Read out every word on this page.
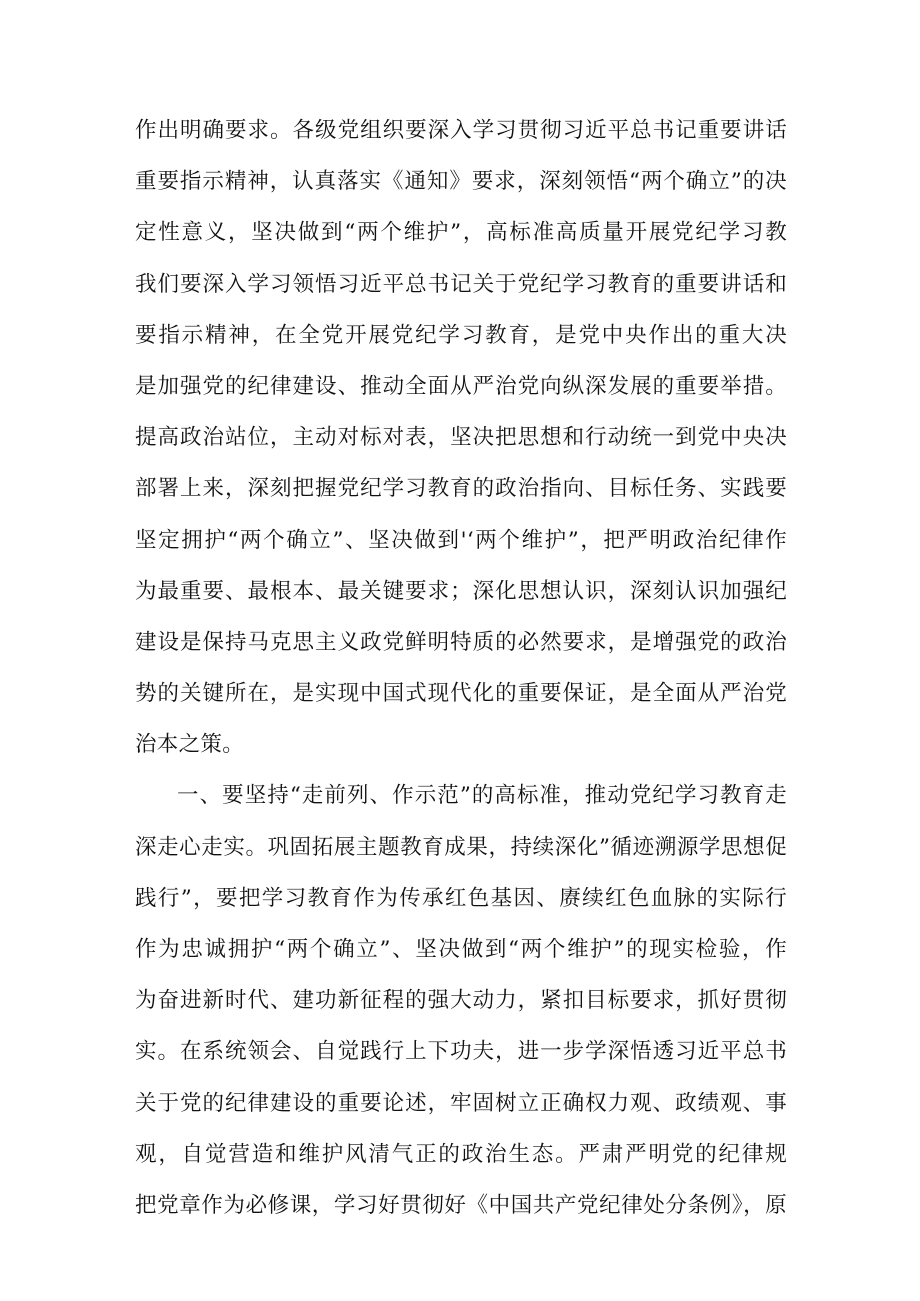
作出明确要求。各级党组织要深入学习贯彻习近平总书记重要讲话
重要指示精神，认真落实《通知》要求，深刻领悟“两个确立”的决
定性意义，坚决做到“两个维护”，高标准高质量开展党纪学习教
我们要深入学习领悟习近平总书记关于党纪学习教育的重要讲话和
要指示精神，在全党开展党纪学习教育，是党中央作出的重大决
是加强党的纪律建设、推动全面从严治党向纵深发展的重要举措。
提高政治站位，主动对标对表，坚决把思想和行动统一到党中央决
部署上来，深刻把握党纪学习教育的政治指向、目标任务、实践要
坚定拥护“两个确立”、坚决做到'‘两个维护”，把严明政治纪律作
为最重要、最根本、最关键要求；深化思想认识，深刻认识加强纪
建设是保持马克思主义政党鲜明特质的必然要求，是增强党的政治
势的关键所在，是实现中国式现代化的重要保证，是全面从严治党
治本之策。
一、要坚持“走前列、作示范”的高标准，推动党纪学习教育走
深走心走实。巩固拓展主题教育成果，持续深化”循迹溯源学思想促
践行”，要把学习教育作为传承红色基因、赓续红色血脉的实际行
作为忠诚拥护“两个确立”、坚决做到“两个维护”的现实检验，作
为奋进新时代、建功新征程的强大动力，紧扣目标要求，抓好贯彻
实。在系统领会、自觉践行上下功夫，进一步学深悟透习近平总书
关于党的纪律建设的重要论述，牢固树立正确权力观、政绩观、事
观，自觉营造和维护风清气正的政治生态。严肃严明党的纪律规
把党章作为必修课，学习好贯彻好《中国共产党纪律处分条例》，原
